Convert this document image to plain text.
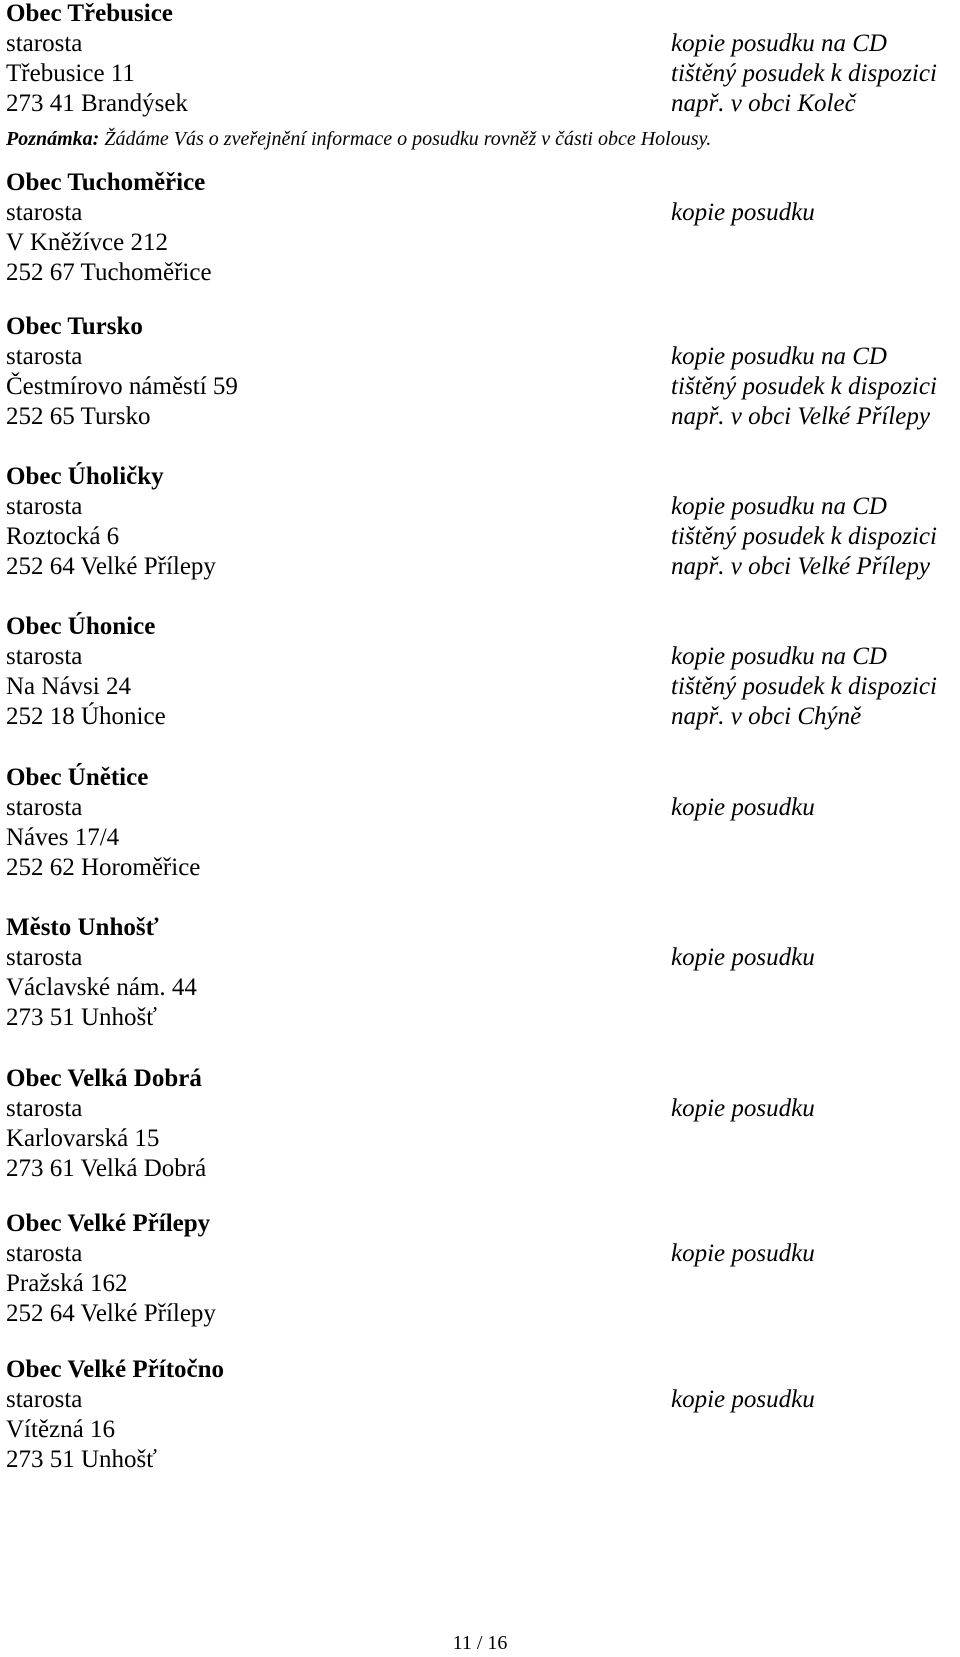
Obec Třebusice
starosta
Třebusice 11
273 41 Brandýsek
kopie posudku na CD
tištěný posudek k dispozici
např. v obci Koleč
Poznámka: Žádáme Vás o zveřejnění informace o posudku rovněž v části obce Holousy.
Obec Tuchoměřice
starosta
V Kněžívce 212
252 67 Tuchoměřice
kopie posudku
Obec Tursko
starosta
Čestmírovo náměstí 59
252 65 Tursko
kopie posudku na CD
tištěný posudek k dispozici
např. v obci Velké Přílepy
Obec Úholičky
starosta
Roztocká 6
252 64 Velké Přílepy
kopie posudku na CD
tištěný posudek k dispozici
např. v obci Velké Přílepy
Obec Úhonice
starosta
Na Návsi 24
252 18 Úhonice
kopie posudku na CD
tištěný posudek k dispozici
např. v obci Chýně
Obec Únětice
starosta
Náves 17/4
252 62 Horoměřice
kopie posudku
Město Unhošť
starosta
Václavské nám. 44
273 51 Unhošť
kopie posudku
Obec Velká Dobrá
starosta
Karlovarská 15
273 61 Velká Dobrá
kopie posudku
Obec Velké Přílepy
starosta
Pražská 162
252 64 Velké Přílepy
kopie posudku
Obec Velké Přítočno
starosta
Vítězná 16
273 51 Unhošť
kopie posudku
11 / 16
